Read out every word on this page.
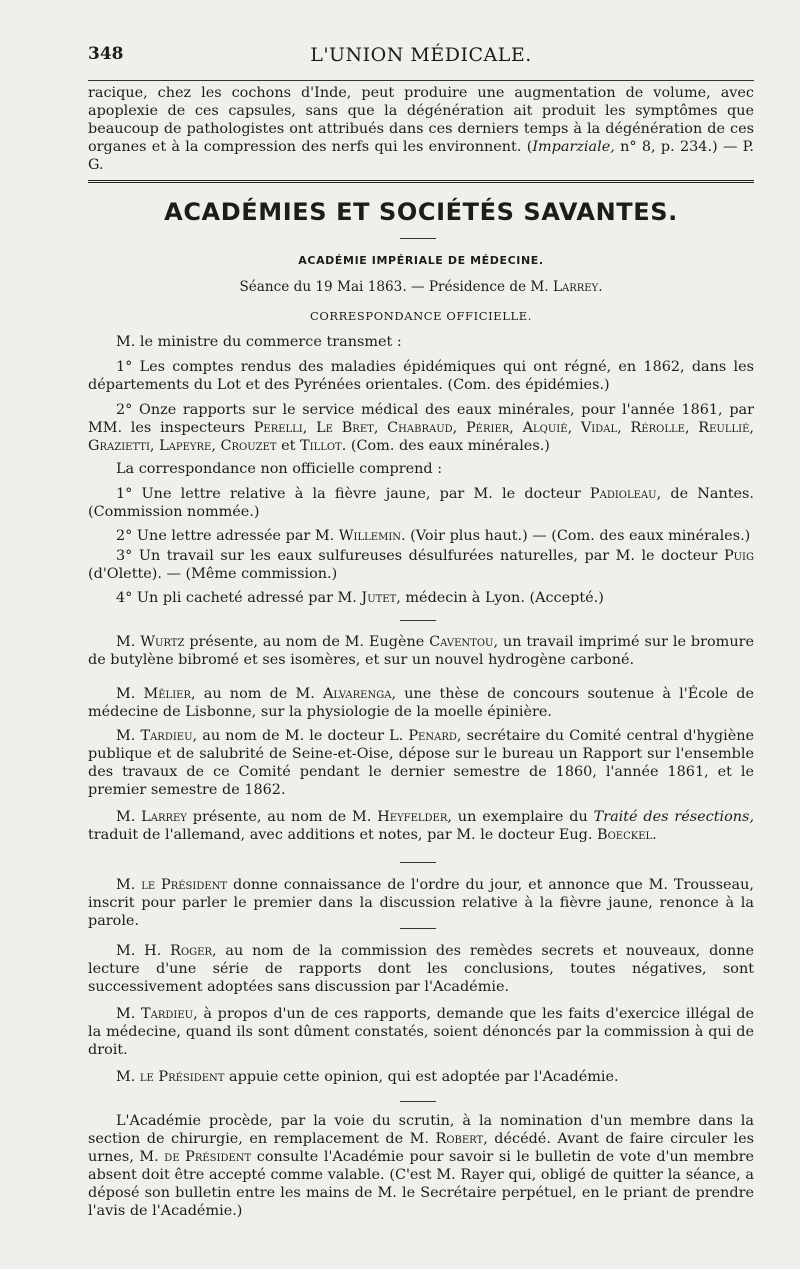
348	L'UNION MÉDICALE.

racique, chez les cochons d'Inde, peut produire une augmentation de volume, avec apoplexie de ces capsules, sans que la dégénération ait produit les symptômes que beaucoup de pathologistes ont attribués dans ces derniers temps à la dégénération de ces organes et à la compression des nerfs qui les environnent. (Imparziale, n° 8, p. 234.) — P. G.

ACADÉMIES ET SOCIÉTÉS SAVANTES.
ACADÉMIE IMPÉRIALE DE MÉDECINE.
Séance du 19 Mai 1863. — Présidence de M. Larrey.
CORRESPONDANCE OFFICIELLE.

M. le ministre du commerce transmet :

1° Les comptes rendus des maladies épidémiques qui ont régné, en 1862, dans les départements du Lot et des Pyrénées orientales. (Com. des épidémies.)

2° Onze rapports sur le service médical des eaux minérales, pour l'année 1861, par MM. les inspecteurs Perelli, Le Bret, Chabraud, Périer, Alquié, Vidal, Rérolle, Reullié, Grazietti, Lapeyre, Crouzet et Tillot. (Com. des eaux minérales.)

La correspondance non officielle comprend :

1° Une lettre relative à la fièvre jaune, par M. le docteur Padioleau, de Nantes. (Commission nommée.)

2° Une lettre adressée par M. Willemin. (Voir plus haut.) — (Com. des eaux minérales.)

3° Un travail sur les eaux sulfureuses désulfurées naturelles, par M. le docteur Puig (d'Olette). — (Même commission.)

4° Un pli cacheté adressé par M. Jutet, médecin à Lyon. (Accepté.)

M. Wurtz présente, au nom de M. Eugène Caventou, un travail imprimé sur le bromure de butylène bibromé et ses isomères, et sur un nouvel hydrogène carboné.

M. Mêlier, au nom de M. Alvarenga, une thèse de concours soutenue à l'École de médecine de Lisbonne, sur la physiologie de la moelle épinière.

M. Tardieu, au nom de M. le docteur L. Penard, secrétaire du Comité central d'hygiène publique et de salubrité de Seine-et-Oise, dépose sur le bureau un Rapport sur l'ensemble des travaux de ce Comité pendant le dernier semestre de 1860, l'année 1861, et le premier semestre de 1862.

M. Larrey présente, au nom de M. Heyfelder, un exemplaire du Traité des résections, traduit de l'allemand, avec additions et notes, par M. le docteur Eug. Boeckel.

M. le Président donne connaissance de l'ordre du jour, et annonce que M. Trousseau, inscrit pour parler le premier dans la discussion relative à la fièvre jaune, renonce à la parole.

M. H. Roger, au nom de la commission des remèdes secrets et nouveaux, donne lecture d'une série de rapports dont les conclusions, toutes négatives, sont successivement adoptées sans discussion par l'Académie.

M. Tardieu, à propos d'un de ces rapports, demande que les faits d'exercice illégal de la médecine, quand ils sont dûment constatés, soient dénoncés par la commission à qui de droit.

M. le Président appuie cette opinion, qui est adoptée par l'Académie.

L'Académie procède, par la voie du scrutin, à la nomination d'un membre dans la section de chirurgie, en remplacement de M. Robert, décédé. Avant de faire circuler les urnes, M. de Président consulte l'Académie pour savoir si le bulletin de vote d'un membre absent doit être accepté comme valable. (C'est M. Rayer qui, obligé de quitter la séance, a déposé son bulletin entre les mains de M. le Secrétaire perpétuel, en le priant de prendre l'avis de l'Académie.)
